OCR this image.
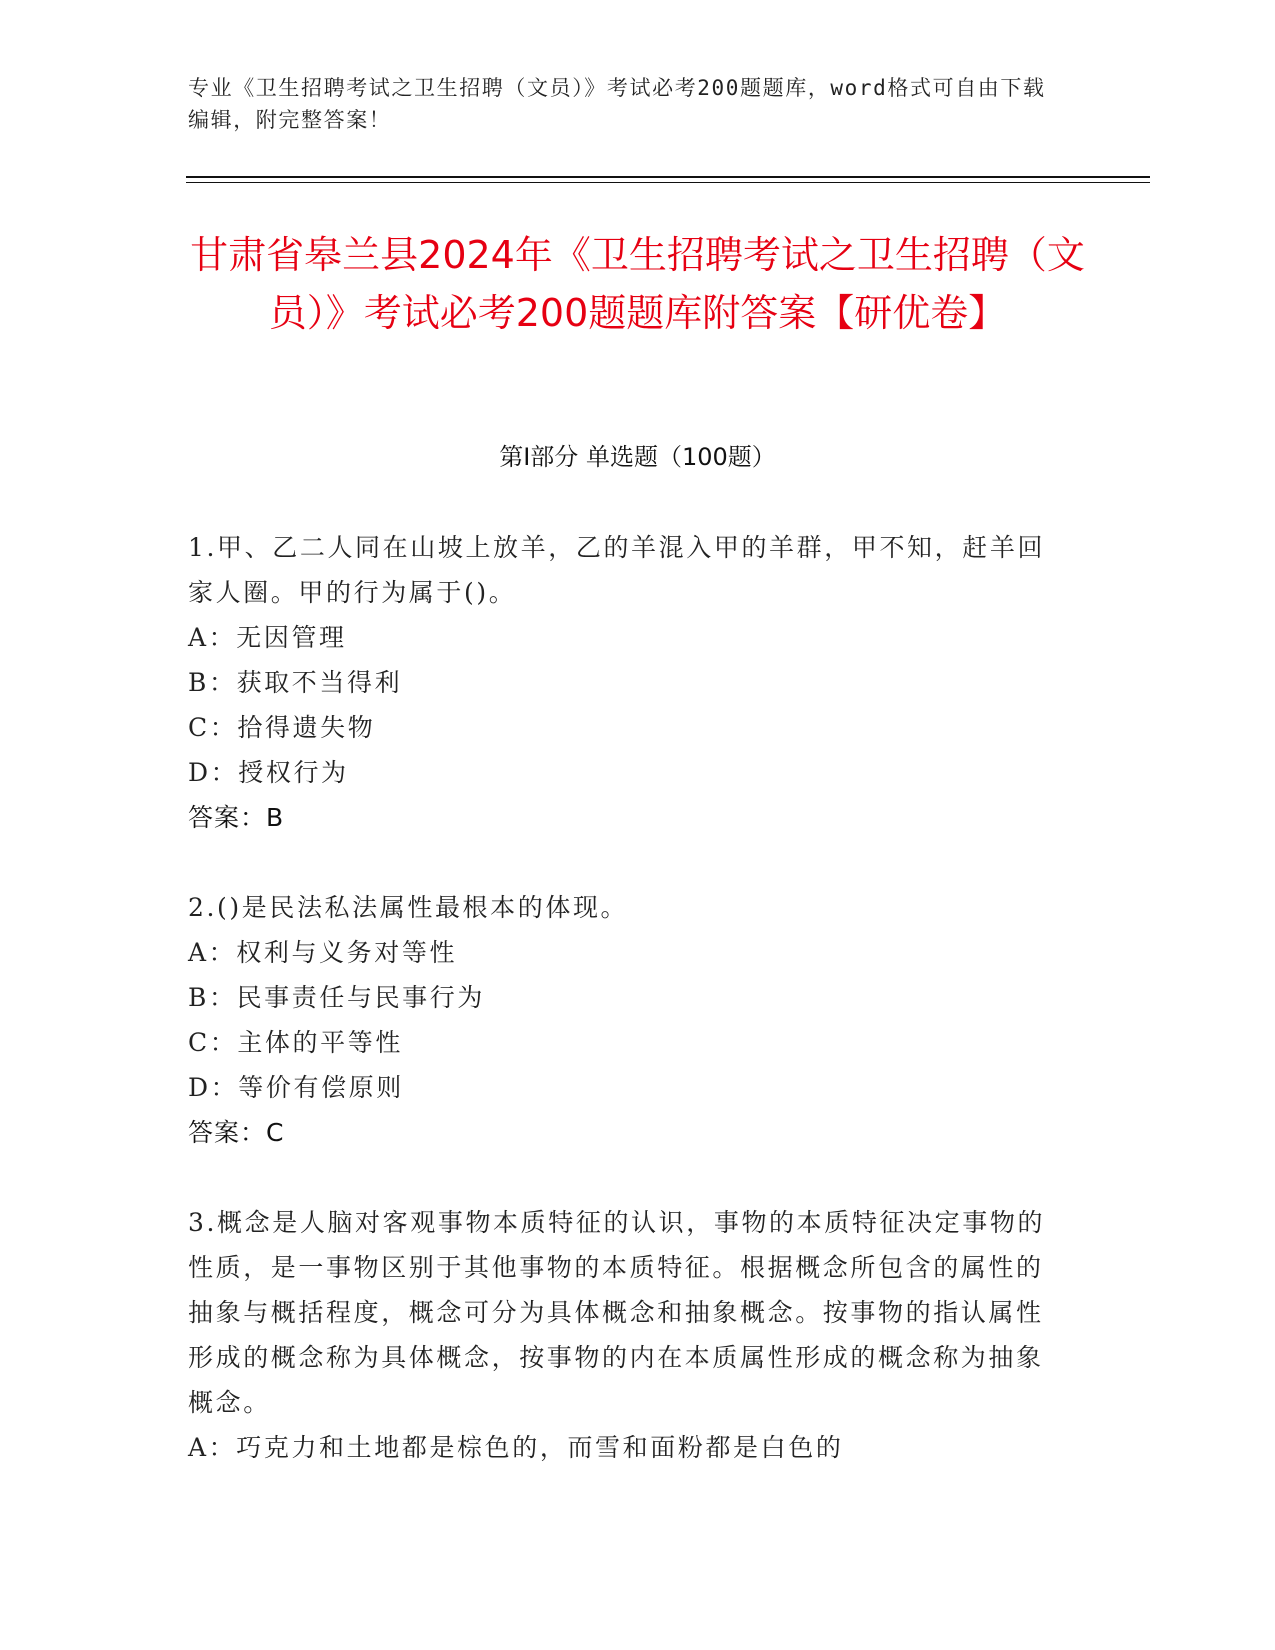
专业《卫生招聘考试之卫生招聘（文员）》考试必考200题题库，word格式可自由下载编辑，附完整答案！
甘肃省皋兰县2024年《卫生招聘考试之卫生招聘（文员）》考试必考200题题库附答案【研优卷】
第Ⅰ部分 单选题（100题）
1.甲、乙二人同在山坡上放羊，乙的羊混入甲的羊群，甲不知，赶羊回家人圈。甲的行为属于()。
A：无因管理
B：获取不当得利
C：拾得遗失物
D：授权行为
答案：B
2.()是民法私法属性最根本的体现。
A：权利与义务对等性
B：民事责任与民事行为
C：主体的平等性
D：等价有偿原则
答案：C
3.概念是人脑对客观事物本质特征的认识，事物的本质特征决定事物的性质，是一事物区别于其他事物的本质特征。根据概念所包含的属性的抽象与概括程度，概念可分为具体概念和抽象概念。按事物的指认属性形成的概念称为具体概念，按事物的内在本质属性形成的概念称为抽象概念。
A：巧克力和土地都是棕色的，而雪和面粉都是白色的
